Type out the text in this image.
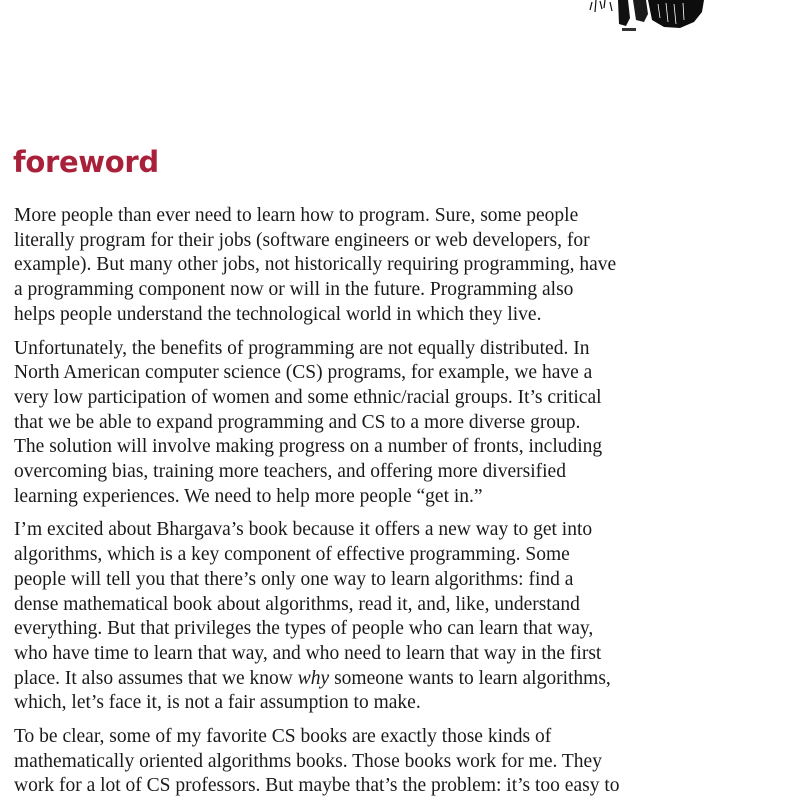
foreword

More people than ever need to learn how to program. Sure, some people
literally program for their jobs (software engineers or web developers, for
example). But many other jobs, not historically requiring programming, have
a programming component now or will in the future. Programming also
helps people understand the technological world in which they live.

Unfortunately, the benefits of programming are not equally distributed. In
North American computer science (CS) programs, for example, we have a
very low participation of women and some ethnic/racial groups. It’s critical
that we be able to expand programming and CS to a more diverse group.
The solution will involve making progress on a number of fronts, including
overcoming bias, training more teachers, and offering more diversified
learning experiences. We need to help more people “get in.”

I’m excited about Bhargava’s book because it offers a new way to get into
algorithms, which is a key component of effective programming. Some
people will tell you that there’s only one way to learn algorithms: find a
dense mathematical book about algorithms, read it, and, like, understand
everything. But that privileges the types of people who can learn that way,
who have time to learn that way, and who need to learn that way in the first
place. It also assumes that we know why someone wants to learn algorithms,
which, let’s face it, is not a fair assumption to make.

To be clear, some of my favorite CS books are exactly those kinds of
mathematically oriented algorithms books. Those books work for me. They
work for a lot of CS professors. But maybe that’s the problem: it’s too easy to
